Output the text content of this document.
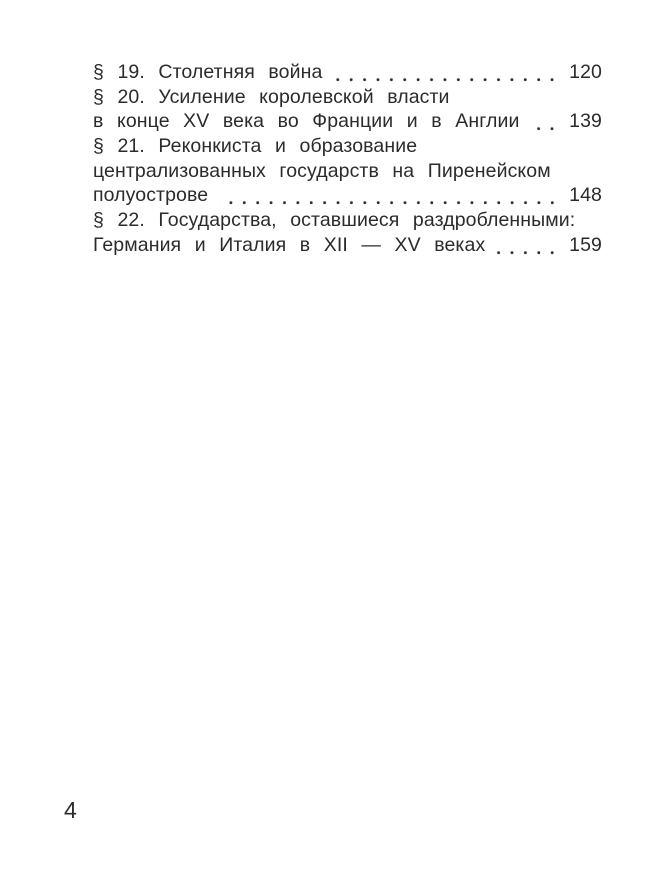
§ 19. Столетняя война	120
§ 20. Усиление королевской власти
в конце XV века во Франции и в Англии	139
§ 21. Реконкиста и образование
централизованных государств на Пиренейском
полуострове	148
§ 22. Государства, оставшиеся раздробленными:
Германия и Италия в XII — XV веках	159
4
